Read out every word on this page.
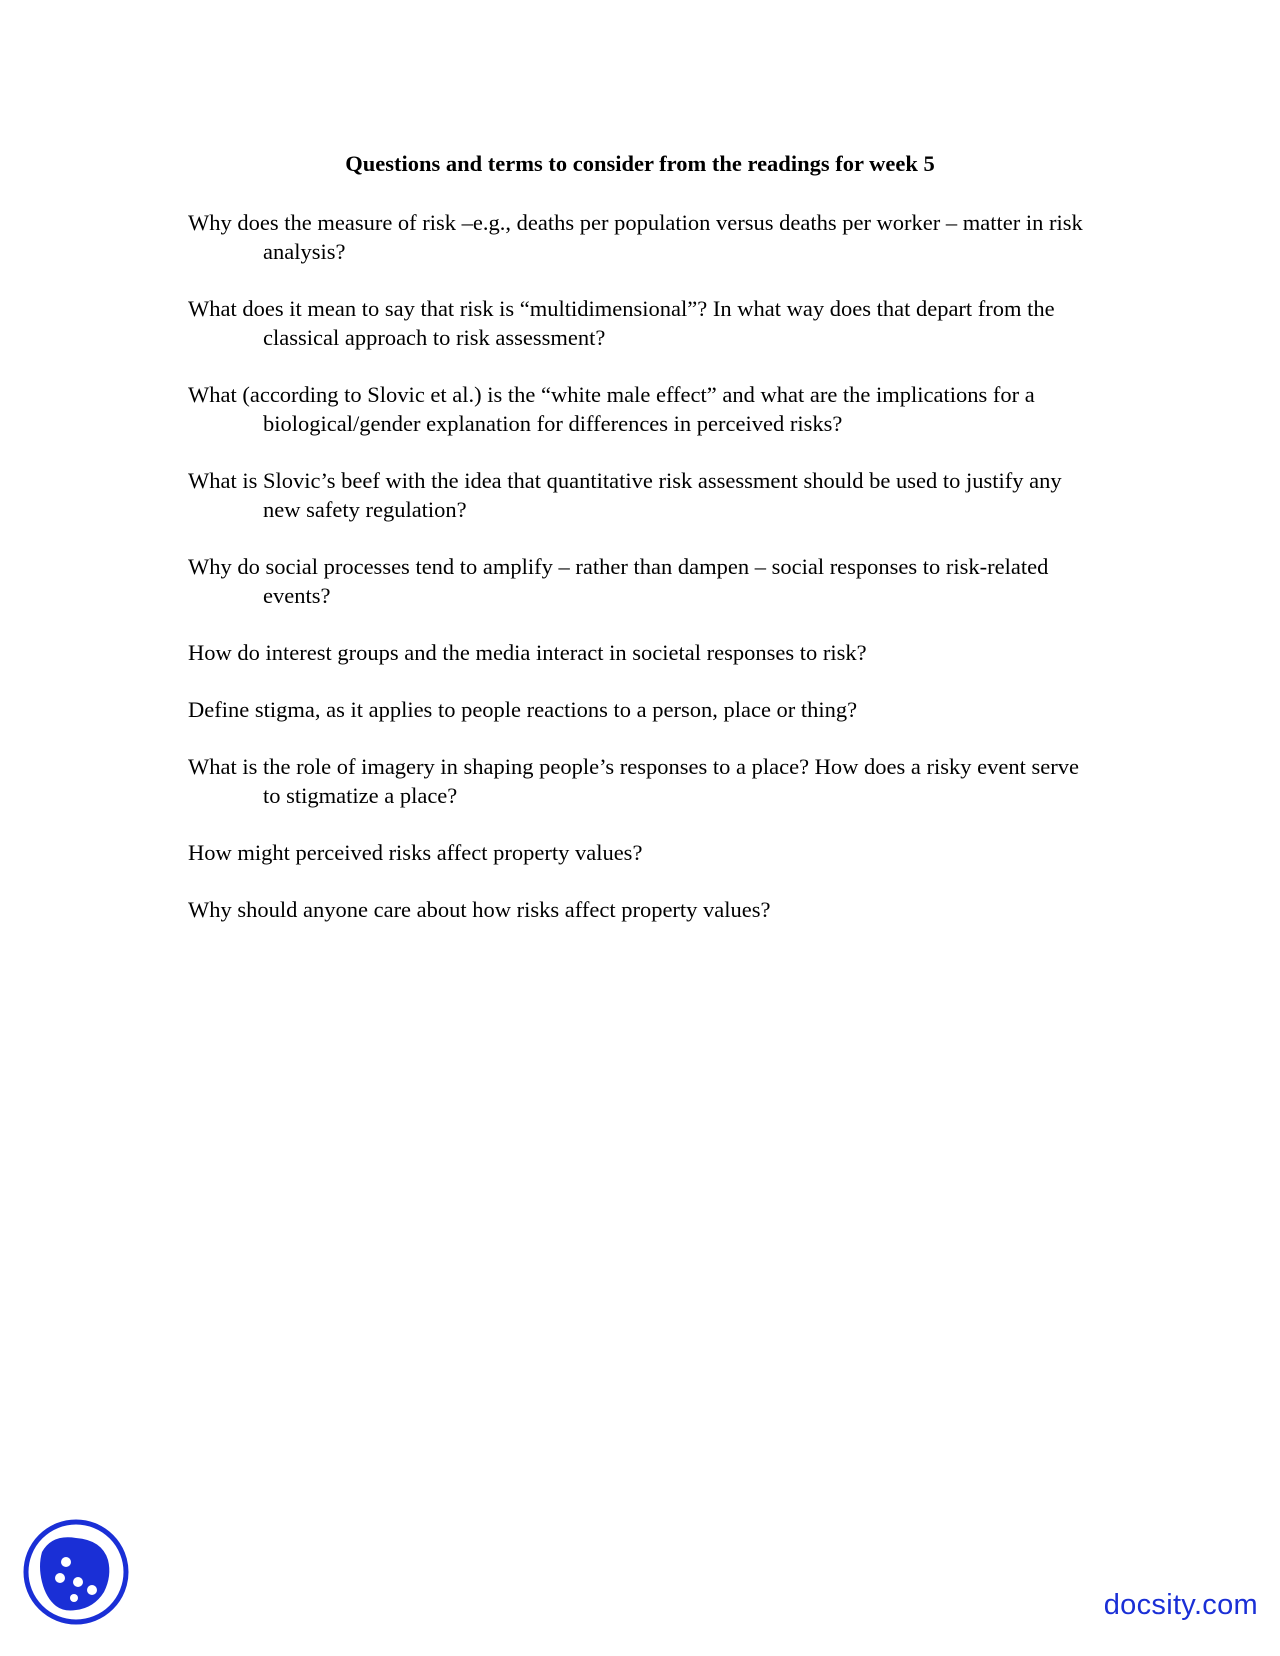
Questions and terms to consider from the readings for week 5
Why does the measure of risk –e.g., deaths per population versus deaths per worker – matter in risk analysis?
What does it mean to say that risk is “multidimensional”? In what way does that depart from the classical approach to risk assessment?
What (according to Slovic et al.) is the “white male effect” and what are the implications for a biological/gender explanation for differences in perceived risks?
What is Slovic’s beef with the idea that quantitative risk assessment should be used to justify any new safety regulation?
Why do social processes tend to amplify – rather than dampen – social responses to risk-related events?
How do interest groups and the media interact in societal responses to risk?
Define stigma, as it applies to people reactions to a person, place or thing?
What is the role of imagery in shaping people’s responses to a place? How does a risky event serve to stigmatize a place?
How might perceived risks affect property values?
Why should anyone care about how risks affect property values?
docsity.com
